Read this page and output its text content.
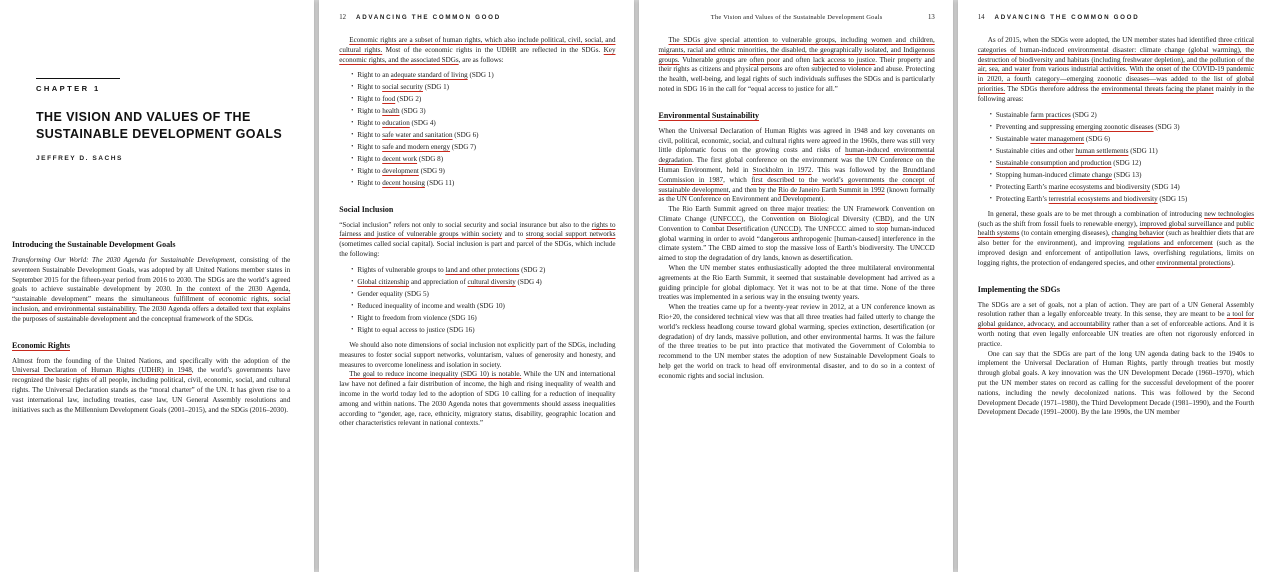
CHAPTER 1
THE VISION AND VALUES OF THE SUSTAINABLE DEVELOPMENT GOALS
JEFFREY D. SACHS
Introducing the Sustainable Development Goals

Transforming Our World: The 2030 Agenda for Sustainable Development, consisting of the seventeen Sustainable Development Goals, was adopted by all United Nations member states in September 2015 for the fifteen-year period from 2016 to 2030. The SDGs are the world’s agreed goals to achieve sustainable development by 2030. In the context of the 2030 Agenda, “sustainable development” means the simultaneous fulfillment of economic rights, social inclusion, and environmental sustainability. The 2030 Agenda offers a detailed text that explains the purposes of sustainable development and the conceptual framework of the SDGs.

Economic Rights

Almost from the founding of the United Nations, and specifically with the adoption of the Universal Declaration of Human Rights (UDHR) in 1948, the world’s governments have recognized the basic rights of all people, including political, civil, economic, social, and cultural rights. The Universal Declaration stands as the “moral charter” of the UN. It has given rise to a vast international law, including treaties, case law, UN General Assembly resolutions and initiatives such as the Millennium Development Goals (2001–2015), and the SDGs (2016–2030).

12 ADVANCING THE COMMON GOOD

Economic rights are a subset of human rights, which also include political, civil, social, and cultural rights. Most of the economic rights in the UDHR are reflected in the SDGs. Key economic rights, and the associated SDGs, are as follows:

• Right to an adequate standard of living (SDG 1)
• Right to social security (SDG 1)
• Right to food (SDG 2)
• Right to health (SDG 3)
• Right to education (SDG 4)
• Right to safe water and sanitation (SDG 6)
• Right to safe and modern energy (SDG 7)
• Right to decent work (SDG 8)
• Right to development (SDG 9)
• Right to decent housing (SDG 11)
Social Inclusion

“Social inclusion” refers not only to social security and social insurance but also to the rights to fairness and justice of vulnerable groups within society and to strong social support networks (sometimes called social capital). Social inclusion is part and parcel of the SDGs, which include the following:

• Rights of vulnerable groups to land and other protections (SDG 2)
• Global citizenship and appreciation of cultural diversity (SDG 4)
• Gender equality (SDG 5)
• Reduced inequality of income and wealth (SDG 10)
• Right to freedom from violence (SDG 16)
• Right to equal access to justice (SDG 16)

We should also note dimensions of social inclusion not explicitly part of the SDGs, including measures to foster social support networks, voluntarism, values of generosity and honesty, and measures to overcome loneliness and isolation in society.

The goal to reduce income inequality (SDG 10) is notable. While the UN and international law have not defined a fair distribution of income, the high and rising inequality of wealth and income in the world today led to the adoption of SDG 10 calling for a reduction of inequality among and within nations. The 2030 Agenda notes that governments should assess inequalities according to “gender, age, race, ethnicity, migratory status, disability, geographic location and other characteristics relevant in national contexts.”

The Vision and Values of the Sustainable Development Goals	13

The SDGs give special attention to vulnerable groups, including women and children, migrants, racial and ethnic minorities, the disabled, the geographically isolated, and Indigenous groups. Vulnerable groups are often poor and often lack access to justice. Their property and their rights as citizens and physical persons are often subjected to violence and abuse. Protecting the health, well-being, and legal rights of such individuals suffuses the SDGs and is particularly noted in SDG 16 in the call for “equal access to justice for all.”

Environmental Sustainability

When the Universal Declaration of Human Rights was agreed in 1948 and key covenants on civil, political, economic, social, and cultural rights were agreed in the 1960s, there was still very little diplomatic focus on the growing costs and risks of human-induced environmental degradation. The first global conference on the environment was the UN Conference on the Human Environment, held in Stockholm in 1972. This was followed by the Brundtland Commission in 1987, which first described to the world’s governments the concept of sustainable development, and then by the Rio de Janeiro Earth Summit in 1992 (known formally as the UN Conference on Environment and Development).

The Rio Earth Summit agreed on three major treaties: the UN Framework Convention on Climate Change (UNFCCC), the Convention on Biological Diversity (CBD), and the UN Convention to Combat Desertification (UNCCD). The UNFCCC aimed to stop human-induced global warming in order to avoid “dangerous anthropogenic [human-caused] interference in the climate system.” The CBD aimed to stop the massive loss of Earth’s biodiversity. The UNCCD aimed to stop the degradation of dry lands, known as desertification.

When the UN member states enthusiastically adopted the three multilateral environmental agreements at the Rio Earth Summit, it seemed that sustainable development had arrived as a guiding principle for global diplomacy. Yet it was not to be at that time. None of the three treaties was implemented in a serious way in the ensuing twenty years.

When the treaties came up for a twenty-year review in 2012, at a UN conference known as Rio+20, the considered technical view was that all three treaties had failed utterly to change the world’s reckless headlong course toward global warming, species extinction, desertification (or degradation) of dry lands, massive pollution, and other environmental harms. It was the failure of the three treaties to be put into practice that motivated the Government of Colombia to recommend to the UN member states the adoption of new Sustainable Development Goals to help get the world on track to head off environmental disaster, and to do so in a context of economic rights and social inclusion.

14 ADVANCING THE COMMON GOOD

As of 2015, when the SDGs were adopted, the UN member states had identified three critical categories of human-induced environmental disaster: climate change (global warming), the destruction of biodiversity and habitats (including freshwater depletion), and the pollution of the air, sea, and water from various industrial activities. With the onset of the COVID-19 pandemic in 2020, a fourth category—emerging zoonotic diseases—was added to the list of global priorities. The SDGs therefore address the environmental threats facing the planet mainly in the following areas:

• Sustainable farm practices (SDG 2)
• Preventing and suppressing emerging zoonotic diseases (SDG 3)
• Sustainable water management (SDG 6)
• Sustainable cities and other human settlements (SDG 11)
• Sustainable consumption and production (SDG 12)
• Stopping human-induced climate change (SDG 13)
• Protecting Earth’s marine ecosystems and biodiversity (SDG 14)
• Protecting Earth’s terrestrial ecosystems and biodiversity (SDG 15)

In general, these goals are to be met through a combination of introducing new technologies (such as the shift from fossil fuels to renewable energy), improved global surveillance and public health systems (to contain emerging diseases), changing behavior (such as healthier diets that are also better for the environment), and improving regulations and enforcement (such as the improved design and enforcement of antipollution laws, overfishing regulations, limits on logging rights, the protection of endangered species, and other environmental protections).

Implementing the SDGs

The SDGs are a set of goals, not a plan of action. They are part of a UN General Assembly resolution rather than a legally enforceable treaty. In this sense, they are meant to be a tool for global guidance, advocacy, and accountability rather than a set of enforceable actions. And it is worth noting that even legally enforceable UN treaties are often not rigorously enforced in practice.

One can say that the SDGs are part of the long UN agenda dating back to the 1940s to implement the Universal Declaration of Human Rights, partly through treaties but mostly through global goals. A key innovation was the UN Development Decade (1960–1970), which put the UN member states on record as calling for the successful development of the poorer nations, including the newly decolonized nations. This was followed by the Second Development Decade (1971–1980), the Third Development Decade (1981–1990), and the Fourth Development Decade (1991–2000). By the late 1990s, the UN member
